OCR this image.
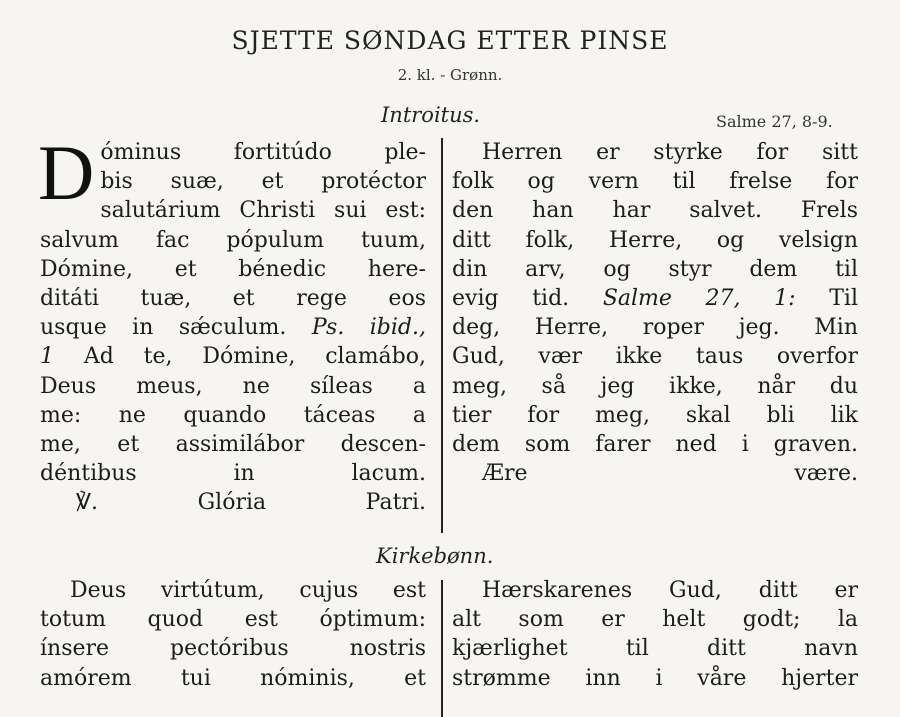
SJETTE SØNDAG ETTER PINSE
2. kl. - Grønn.
Introitus.	Salme 27, 8-9.
D óminus fortitúdo ple-
bis suæ, et protéctor
salutárium Christi sui est:
salvum fac pópulum tuum,
Dómine, et bénedic here-
ditáti tuæ, et rege eos
usque in sǽculum. Ps. ibid.,
1 Ad te, Dómine, clamábo,
Deus meus, ne síleas a
me: ne quando táceas a
me, et assimilábor descen-
déntibus in lacum.
℣. Glória Patri.
Herren er styrke for sitt
folk og vern til frelse for
den han har salvet. Frels
ditt folk, Herre, og velsign
din arv, og styr dem til
evig tid. Salme 27, 1: Til
deg, Herre, roper jeg. Min
Gud, vær ikke taus overfor
meg, så jeg ikke, når du
tier for meg, skal bli lik
dem som farer ned i graven.
Ære være.
Kirkebønn.
Deus virtútum, cujus est
totum quod est óptimum:
ínsere pectóribus nostris
amórem tui nóminis, et
Hærskarenes Gud, ditt er
alt som er helt godt; la
kjærlighet til ditt navn
strømme inn i våre hjerter
